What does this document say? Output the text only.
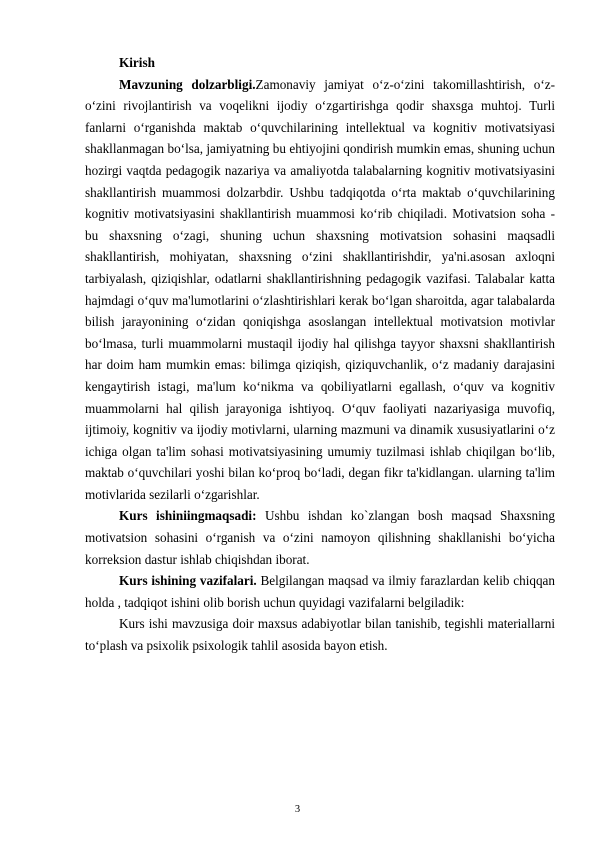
Kirish

Mavzuning dolzarbligi.Zamonaviy jamiyat o‘z-o‘zini takomillashtirish, o‘z-o‘zini rivojlantirish va voqelikni ijodiy o‘zgartirishga qodir shaxsga muhtoj. Turli fanlarni o‘rganishda maktab o‘quvchilarining intellektual va kognitiv motivatsiyasi shakllanmagan bo‘lsa, jamiyatning bu ehtiyojini qondirish mumkin emas, shuning uchun hozirgi vaqtda pedagogik nazariya va amaliyotda talabalarning kognitiv motivatsiyasini shakllantirish muammosi dolzarbdir. Ushbu tadqiqotda o‘rta maktab o‘quvchilarining kognitiv motivatsiyasini shakllantirish muammosi ko‘rib chiqiladi. Motivatsion soha - bu shaxsning o‘zagi, shuning uchun shaxsning motivatsion sohasini maqsadli shakllantirish, mohiyatan, shaxsning o‘zini shakllantirishdir, ya'ni.asosan axloqni tarbiyalash, qiziqishlar, odatlarni shakllantirishning pedagogik vazifasi. Talabalar katta hajmdagi o‘quv ma'lumotlarini o‘zlashtirishlari kerak bo‘lgan sharoitda, agar talabalarda bilish jarayonining o‘zidan qoniqishga asoslangan intellektual motivatsion motivlar bo‘lmasa, turli muammolarni mustaqil ijodiy hal qilishga tayyor shaxsni shakllantirish har doim ham mumkin emas: bilimga qiziqish, qiziquvchanlik, o‘z madaniy darajasini kengaytirish istagi, ma'lum ko‘nikma va qobiliyatlarni egallash, o‘quv va kognitiv muammolarni hal qilish jarayoniga ishtiyoq. O‘quv faoliyati nazariyasiga muvofiq, ijtimoiy, kognitiv va ijodiy motivlarni, ularning mazmuni va dinamik xususiyatlarini o‘z ichiga olgan ta'lim sohasi motivatsiyasining umumiy tuzilmasi ishlab chiqilgan bo‘lib, maktab o‘quvchilari yoshi bilan ko‘proq bo‘ladi, degan fikr ta'kidlangan. ularning ta'lim motivlarida sezilarli o‘zgarishlar.

Kurs ishiniingmaqsadi: Ushbu ishdan ko`zlangan bosh maqsad Shaxsning motivatsion sohasini o‘rganish va o‘zini namoyon qilishning shakllanishi bo‘yicha korreksion dastur ishlab chiqishdan iborat.

Kurs ishining vazifalari. Belgilangan maqsad va ilmiy farazlardan kelib chiqqan holda , tadqiqot ishini olib borish uchun quyidagi vazifalarni belgiladik:

Kurs ishi mavzusiga doir maxsus adabiyotlar bilan tanishib, tegishli materiallarni to‘plash va psixolik psixologik tahlil asosida bayon etish.

3
